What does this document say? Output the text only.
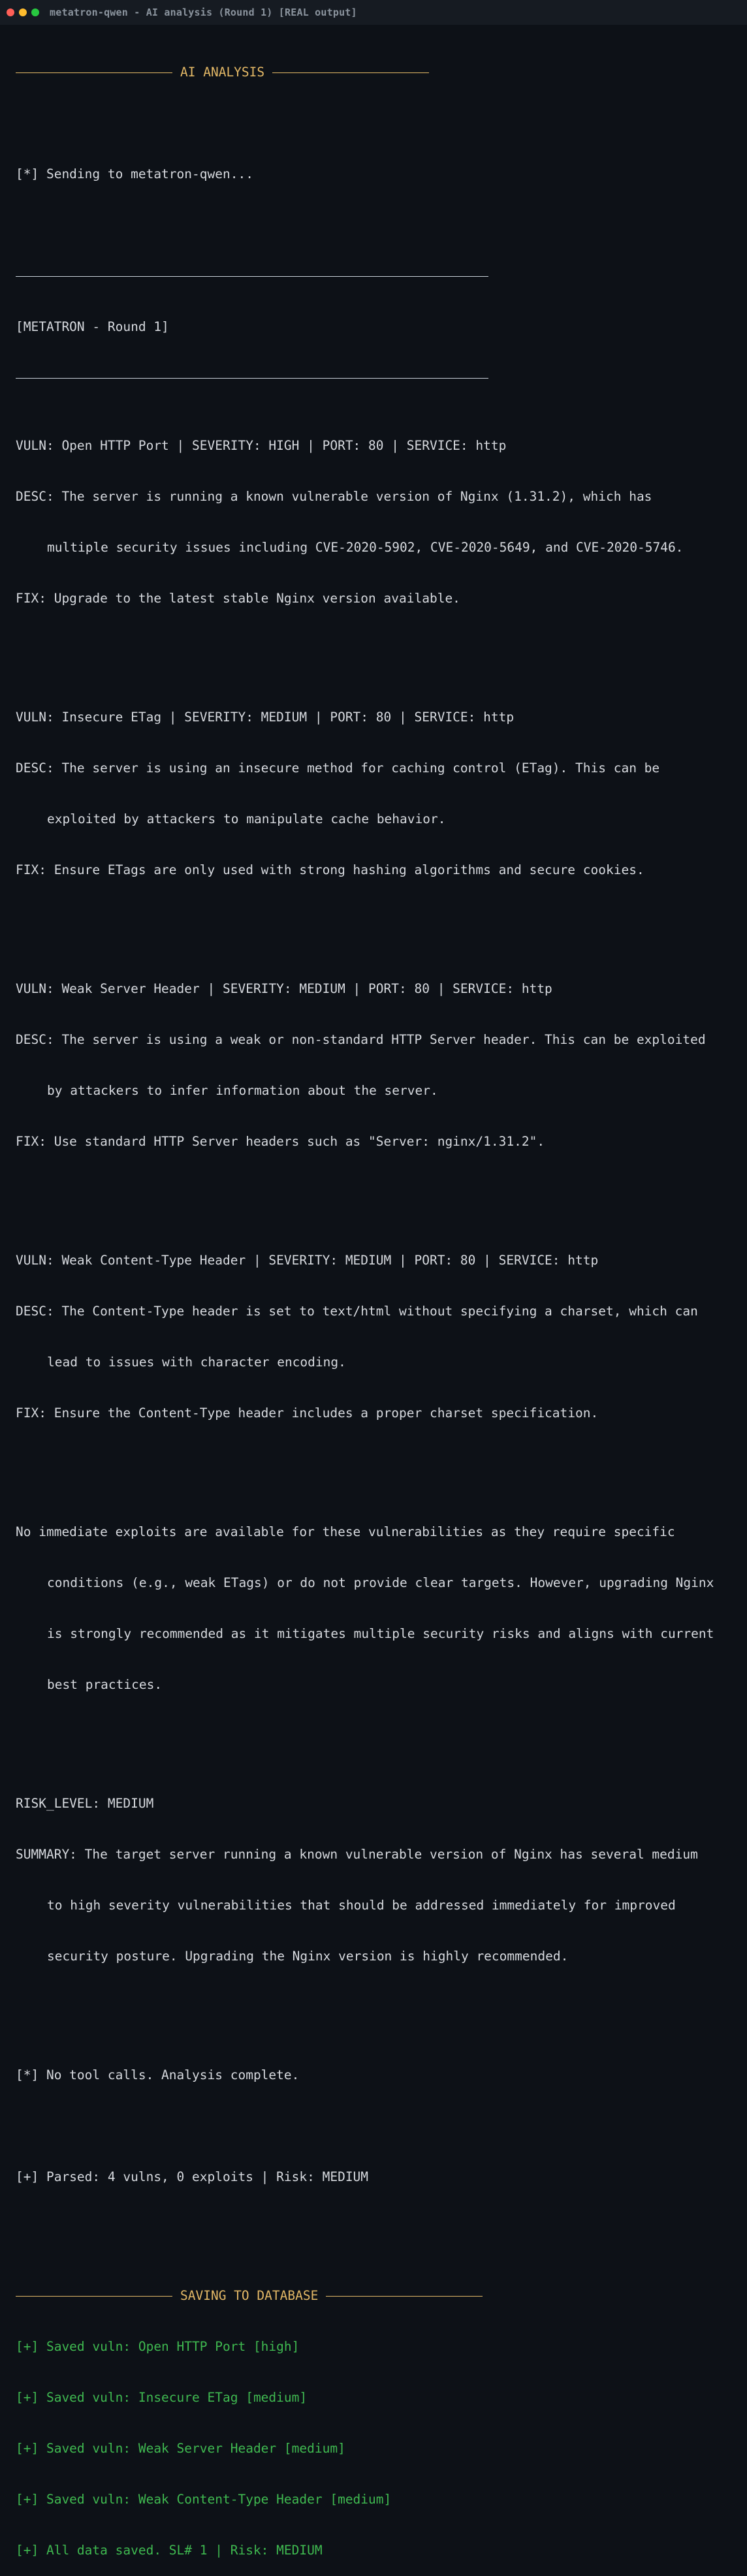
metatron-qwen - AI analysis (Round 1) [REAL output]

AI ANALYSIS

[*] Sending to metatron-qwen...

[METATRON - Round 1]

VULN: Open HTTP Port | SEVERITY: HIGH | PORT: 80 | SERVICE: http

DESC: The server is running a known vulnerable version of Nginx (1.31.2), which has

multiple security issues including CVE-2020-5902, CVE-2020-5649, and CVE-2020-5746.

FIX: Upgrade to the latest stable Nginx version available.

VULN: Insecure ETag | SEVERITY: MEDIUM | PORT: 80 | SERVICE: http

DESC: The server is using an insecure method for caching control (ETag). This can be

exploited by attackers to manipulate cache behavior.

FIX: Ensure ETags are only used with strong hashing algorithms and secure cookies.

VULN: Weak Server Header | SEVERITY: MEDIUM | PORT: 80 | SERVICE: http

DESC: The server is using a weak or non-standard HTTP Server header. This can be exploited

by attackers to infer information about the server.

FIX: Use standard HTTP Server headers such as "Server: nginx/1.31.2".

VULN: Weak Content-Type Header | SEVERITY: MEDIUM | PORT: 80 | SERVICE: http

DESC: The Content-Type header is set to text/html without specifying a charset, which can

lead to issues with character encoding.

FIX: Ensure the Content-Type header includes a proper charset specification.

No immediate exploits are available for these vulnerabilities as they require specific

conditions (e.g., weak ETags) or do not provide clear targets. However, upgrading Nginx

is strongly recommended as it mitigates multiple security risks and aligns with current

best practices.

RISK_LEVEL: MEDIUM

SUMMARY: The target server running a known vulnerable version of Nginx has several medium

to high severity vulnerabilities that should be addressed immediately for improved

security posture. Upgrading the Nginx version is highly recommended.

[*] No tool calls. Analysis complete.

[+] Parsed: 4 vulns, 0 exploits | Risk: MEDIUM

SAVING TO DATABASE

[+] Saved vuln: Open HTTP Port [high]

[+] Saved vuln: Insecure ETag [medium]

[+] Saved vuln: Weak Server Header [medium]

[+] Saved vuln: Weak Content-Type Header [medium]

[+] All data saved. SL# 1 | Risk: MEDIUM
